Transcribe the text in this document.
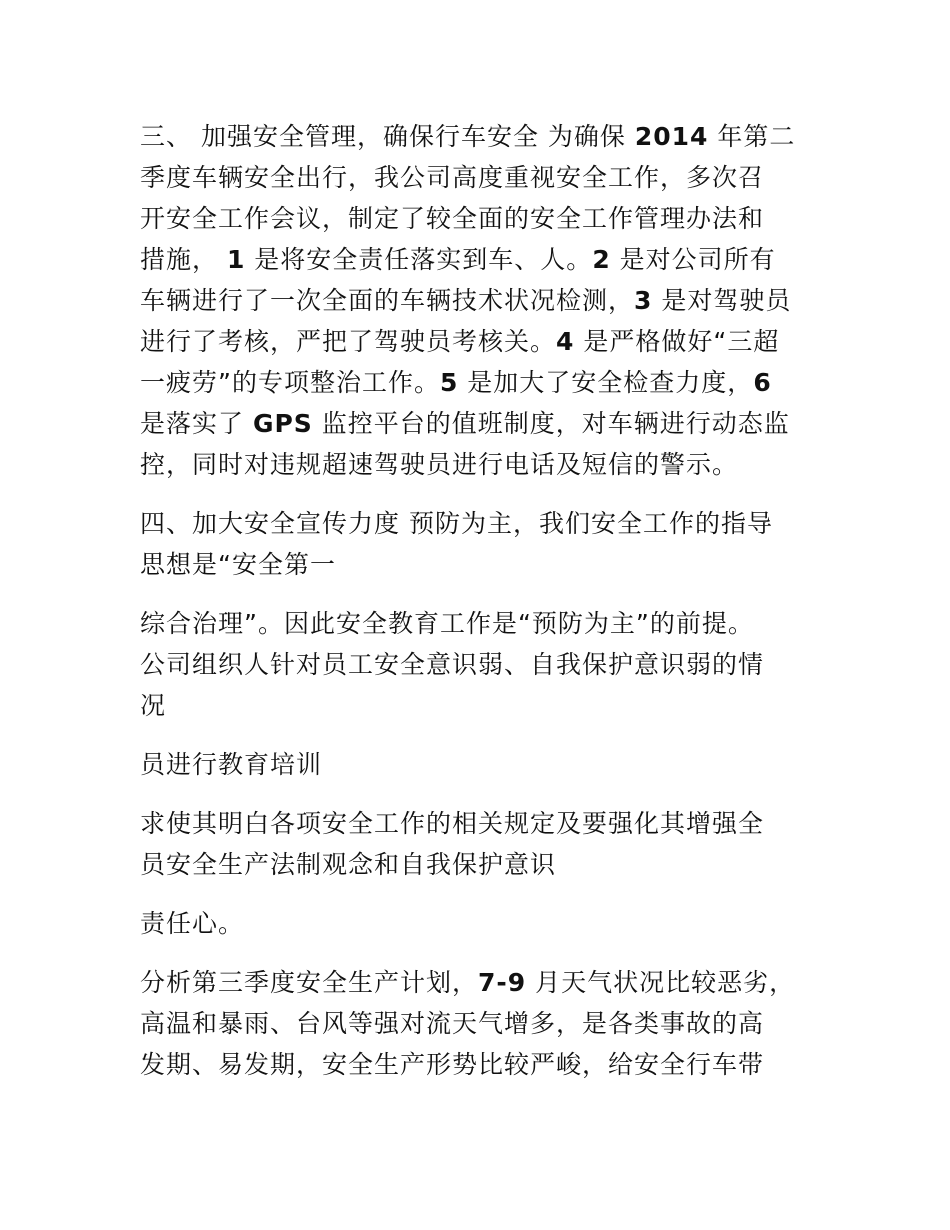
三、 加强安全管理，确保行车安全 为确保 2014 年第二
季度车辆安全出行，我公司高度重视安全工作，多次召
开安全工作会议，制定了较全面的安全工作管理办法和
措施， 1 是将安全责任落实到车、人。2 是对公司所有
车辆进行了一次全面的车辆技术状况检测，3 是对驾驶员
进行了考核，严把了驾驶员考核关。4 是严格做好“三超
一疲劳”的专项整治工作。5 是加大了安全检查力度，6
是落实了 GPS 监控平台的值班制度，对车辆进行动态监
控，同时对违规超速驾驶员进行电话及短信的警示。

四、加大安全宣传力度 预防为主，我们安全工作的指导
思想是“安全第一

综合治理”。因此安全教育工作是“预防为主”的前提。
公司组织人针对员工安全意识弱、自我保护意识弱的情
况

员进行教育培训

求使其明白各项安全工作的相关规定及要强化其增强全
员安全生产法制观念和自我保护意识

责任心。

分析第三季度安全生产计划，7-9 月天气状况比较恶劣，
高温和暴雨、台风等强对流天气增多，是各类事故的高
发期、易发期，安全生产形势比较严峻，给安全行车带
